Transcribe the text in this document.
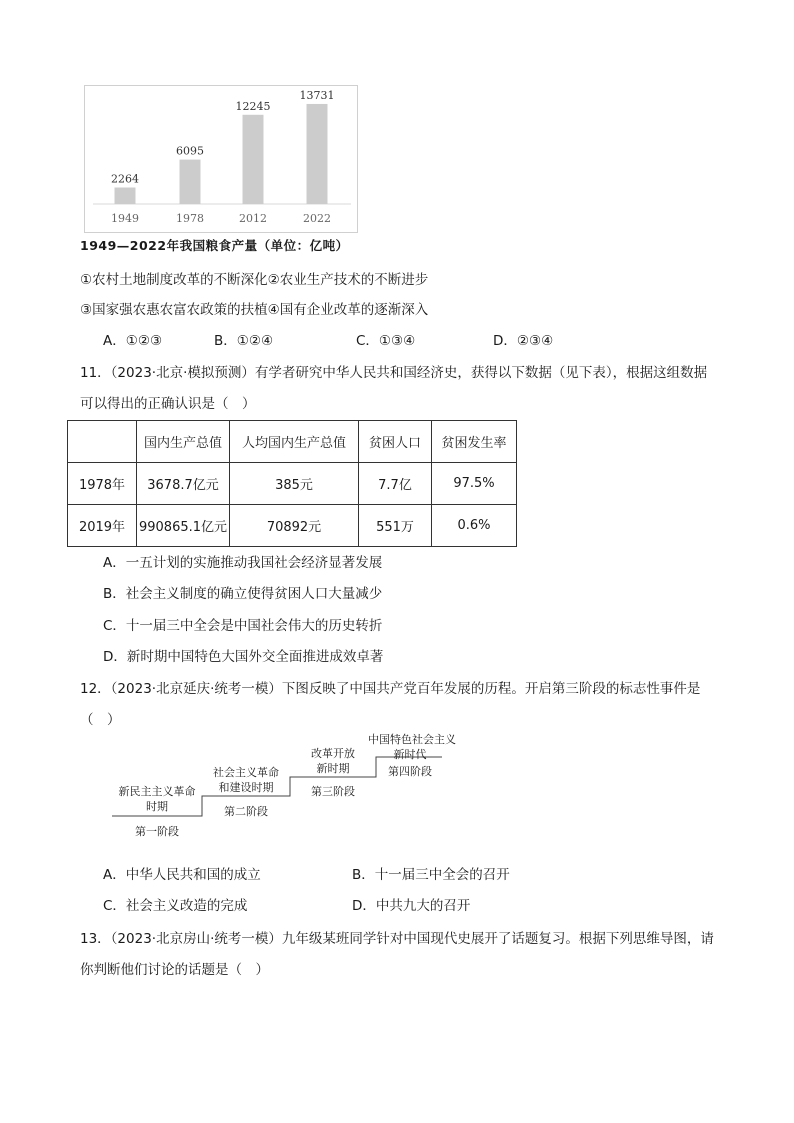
2264
1949
6095
1978
12245
2012
13731
2022
1949—2022年我国粮食产量（单位：亿吨）
①农村土地制度改革的不断深化②农业生产技术的不断进步
③国家强农惠农富农政策的扶植④国有企业改革的逐渐深入
A．①②③	B．①②④	C．①③④	D．②③④
11．（2023·北京·模拟预测）有学者研究中华人民共和国经济史，获得以下数据（见下表），根据这组数据
可以得出的正确认识是（　）
	国内生产总值	人均国内生产总值	贫困人口	贫困发生率
1978年	3678.7亿元	385元	7.7亿	97.5%
2019年	990865.1亿元	70892元	551万	0.6%
A．一五计划的实施推动我国社会经济显著发展
B．社会主义制度的确立使得贫困人口大量减少
C．十一届三中全会是中国社会伟大的历史转折
D．新时期中国特色大国外交全面推进成效卓著
12．（2023·北京延庆·统考一模）下图反映了中国共产党百年发展的历程。开启第三阶段的标志性事件是
（　）
新民主主义革命
时期
第一阶段
社会主义革命
和建设时期
第二阶段
改革开放
新时期
第三阶段
中国特色社会主义
新时代
第四阶段
A．中华人民共和国的成立	B．十一届三中全会的召开
C．社会主义改造的完成	D．中共九大的召开
13．（2023·北京房山·统考一模）九年级某班同学针对中国现代史展开了话题复习。根据下列思维导图，请
你判断他们讨论的话题是（　）
